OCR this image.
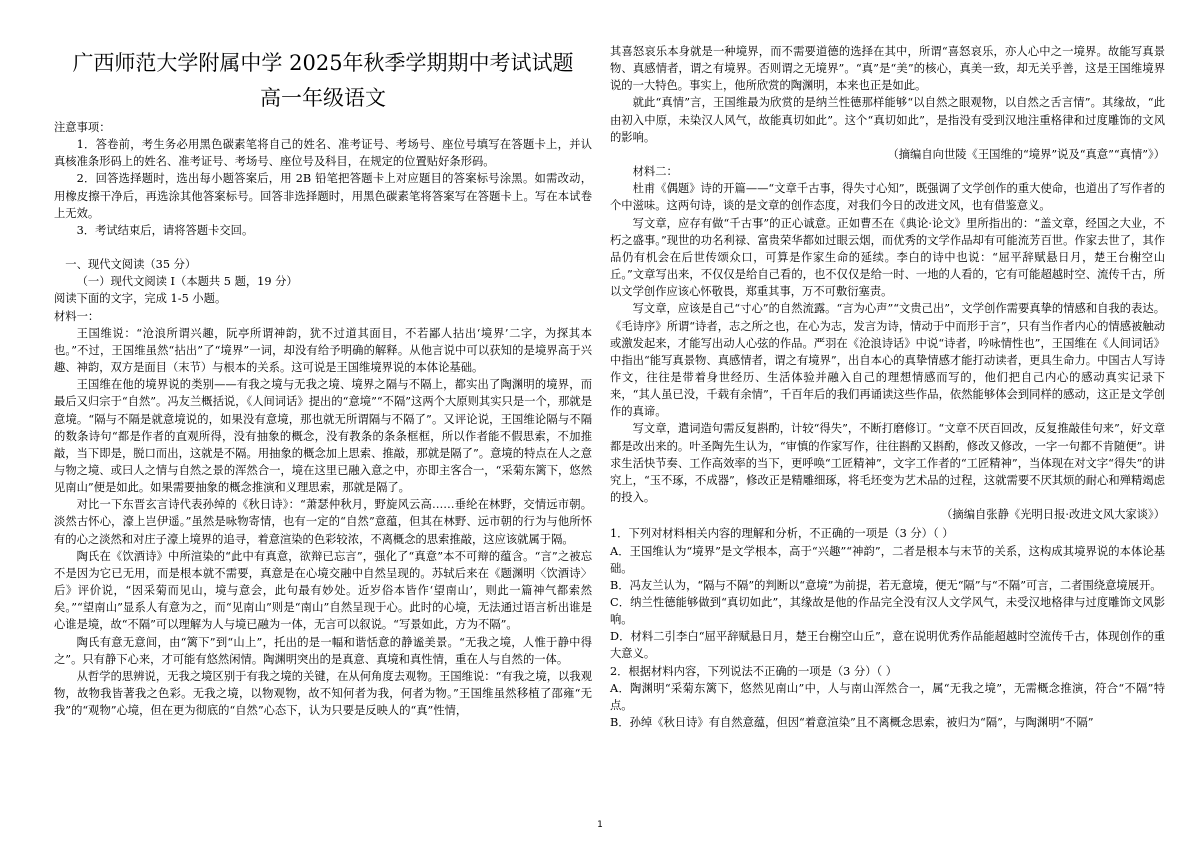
广西师范大学附属中学 2025年秋季学期期中考试试题
高一年级语文

注意事项：

1．答卷前，考生务必用黑色碳素笔将自己的姓名、准考证号、考场号、座位号填写在答题卡上，并认真核准条形码上的姓名、准考证号、考场号、座位号及科目，在规定的位置贴好条形码。

2．回答选择题时，选出每小题答案后，用 2B 铅笔把答题卡上对应题目的答案标号涂黑。如需改动，用橡皮擦干净后，再选涂其他答案标号。回答非选择题时，用黑色碳素笔将答案写在答题卡上。写在本试卷上无效。

3．考试结束后，请将答题卡交回。

一、现代文阅读（35 分）

（一）现代文阅读 I（本题共 5 题，19 分）

阅读下面的文字，完成 1-5 小题。

材料一：

王国维说：“沧浪所谓兴趣，阮亭所谓神韵，犹不过道其面目，不若鄙人拈出‘境界’二字，为探其本也。”不过，王国维虽然“拈出”了“境界”一词，却没有给予明确的解释。从他言说中可以获知的是境界高于兴趣、神韵，双方是面目（末节）与根本的关系。这可说是王国维境界说的本体论基础。

王国维在他的境界说的类别——有我之境与无我之境、境界之隔与不隔上，都实出了陶渊明的境界，而最后又归宗于“自然”。冯友兰概括说，《人间词话》提出的“意境”“不隔”这两个大原则其实只是一个，那就是意境。“隔与不隔是就意境说的，如果没有意境，那也就无所谓隔与不隔了”。又评论说，王国维论隔与不隔的数条诗句“都是作者的直观所得，没有抽象的概念，没有教条的条条框框，所以作者能不假思索，不加推敲，当下即是，脱口而出，这就是不隔。用抽象的概念加上思索、推敲，那就是隔了”。意境的特点在人之意与物之境、或曰人之情与自然之景的浑然合一，境在这里已融入意之中，亦即主客合一，“采菊东篱下，悠然见南山”便是如此。如果需要抽象的概念推演和义理思索，那就是隔了。

对比一下东晋玄言诗代表孙绰的《秋日诗》：“萧瑟仲秋月，野旋风云高……垂纶在林野，交情远市朝。淡然古怀心，濠上岂伊遥。”虽然是咏物寄情，也有一定的“自然”意蕴，但其在林野、远市朝的行为与他所怀有的心之淡然和对庄子濠上境界的追寻，着意渲染的色彩较浓，不离概念的思索推敲，这应该就属于隔。

陶氏在《饮酒诗》中所渲染的“此中有真意，欲辩已忘言”，强化了“真意”本不可辩的蕴含。“言”之被忘不是因为它已无用，而是根本就不需要，真意是在心境交融中自然呈现的。苏轼后来在《题渊明〈饮酒诗〉后》评价说，“因采菊而见山，境与意会，此句最有妙处。近岁俗本皆作‘望南山’，则此一篇神气都索然矣。”“望南山”显系人有意为之，而“见南山”则是“南山”自然呈现于心。此时的心境，无法通过语言析出谁是心谁是境，故“不隔”可以理解为人与境已融为一体，无言可以叙说。“写景如此，方为不隔”。

陶氏有意无意间，由“篱下”到“山上”，托出的是一幅和谐恬意的静谧美景。“无我之境，人惟于静中得之”。只有静下心来，才可能有悠然闲情。陶渊明突出的是真意、真境和真性情，重在人与自然的一体。

从哲学的思辨说，无我之境区别于有我之境的关键，在从何角度去观物。王国维说：“有我之境，以我观物，故物我皆著我之色彩。无我之境，以物观物，故不知何者为我，何者为物。”王国维虽然移植了邵雍“无我”的“观物”心境，但在更为彻底的“自然”心态下，认为只要是反映人的“真”性情，

其喜怒哀乐本身就是一种境界，而不需要道德的选择在其中，所谓“喜怒哀乐，亦人心中之一境界。故能写真景物、真感情者，谓之有境界。否则谓之无境界”。“真”是“美”的核心，真美一致，却无关乎善，这是王国维境界说的一大特色。事实上，他所欣赏的陶渊明，本来也正是如此。

就此“真情”言，王国维最为欣赏的是纳兰性德那样能够“以自然之眼观物，以自然之舌言情”。其缘故，“此由初入中原，未染汉人风气，故能真切如此”。这个“真切如此”，是指没有受到汉地注重格律和过度雕饰的文风的影响。

（摘编自向世陵《王国维的“境界”说及“真意”“真情”》）

材料二：

杜甫《偶题》诗的开篇——“文章千古事，得失寸心知”，既强调了文学创作的重大使命，也道出了写作者的个中滋味。这两句诗，谈的是文章的创作态度，对我们今日的改进文风，也有借鉴意义。

写文章，应存有做“千古事”的正心诚意。正如曹丕在《典论·论文》里所指出的：“盖文章，经国之大业，不朽之盛事。”现世的功名利禄、富贵荣华都如过眼云烟，而优秀的文学作品却有可能流芳百世。作家去世了，其作品仍有机会在后世传颂众口，可算是作家生命的延续。李白的诗中也说：“屈平辞赋悬日月，楚王台榭空山丘。”文章写出来，不仅仅是给自己看的，也不仅仅是给一时、一地的人看的，它有可能超越时空、流传千古，所以文学创作应该心怀敬畏，郑重其事，万不可敷衍塞责。

写文章，应该是自己“寸心”的自然流露。“言为心声”“文贵己出”，文学创作需要真挚的情感和自我的表达。《毛诗序》所谓“诗者，志之所之也，在心为志，发言为诗，情动于中而形于言”，只有当作者内心的情感被触动或激发起来，才能写出动人心弦的作品。严羽在《沧浪诗话》中说“诗者，吟咏情性也”，王国维在《人间词话》中指出“能写真景物、真感情者，谓之有境界”，出自本心的真挚情感才能打动读者，更具生命力。中国古人写诗作文，往往是带着身世经历、生活体验并融入自己的理想情感而写的，他们把自己内心的感动真实记录下来，“其人虽已没，千载有余情”，千百年后的我们再诵读这些作品，依然能够体会到同样的感动，这正是文学创作的真谛。

写文章，遣词造句需反复斟酌，计较“得失”，不断打磨修订。“文章不厌百回改，反复推敲佳句来”，好文章都是改出来的。叶圣陶先生认为，“审慎的作家写作，往往斟酌又斟酌，修改又修改，一字一句都不肯随便”。讲求生活快节奏、工作高效率的当下，更呼唤“工匠精神”，文字工作者的“工匠精神”，当体现在对文字“得失”的讲究上，“玉不琢，不成器”，修改正是精雕细琢，将毛坯变为艺术品的过程，这就需要不厌其烦的耐心和殚精竭虑的投入。

（摘编自张静《光明日报·改进文风大家谈》）

1．下列对材料相关内容的理解和分析，不正确的一项是（3 分）（ ）

A．王国维认为“境界”是文学根本，高于“兴趣”“神韵”，二者是根本与末节的关系，这构成其境界说的本体论基础。

B．冯友兰认为，“隔与不隔”的判断以“意境”为前提，若无意境，便无“隔”与“不隔”可言，二者围绕意境展开。

C．纳兰性德能够做到“真切如此”，其缘故是他的作品完全没有汉人文学风气，未受汉地格律与过度雕饰文风影响。

D．材料二引李白“屈平辞赋悬日月，楚王台榭空山丘”，意在说明优秀作品能超越时空流传千古，体现创作的重大意义。

2．根据材料内容，下列说法不正确的一项是（3 分）（ ）

A．陶渊明“采菊东篱下，悠然见南山”中，人与南山浑然合一，属“无我之境”，无需概念推演，符合“不隔”特点。

B．孙绰《秋日诗》有自然意蕴，但因“着意渲染”且不离概念思索，被归为“隔”，与陶渊明“不隔”

1
